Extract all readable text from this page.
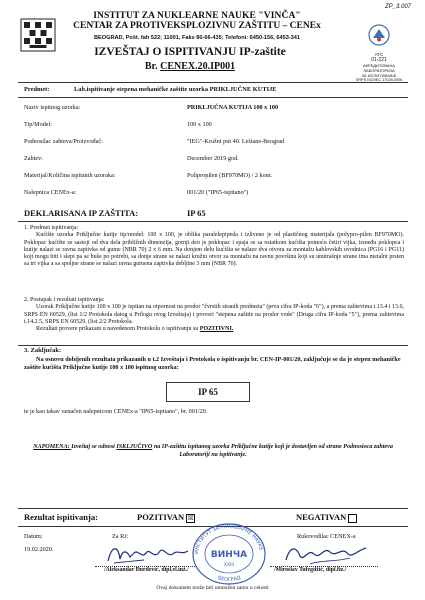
ZP_3.007
INSTITUT ZA NUKLEARNE NAUKE "VINČA"
CENTAR ZA PROTIVEKSPLOZIVNU ZAŠTITU – CENEx
BEOGRAD, Pošt. fah 522; 11001, Faks 80-66-435; Telefoni: 6450-156, 6453-341
ATC
01-221
АКРЕДИТОВАНА
ЛАБОРАТОРИЈА
ЗА ИСПИТИВАЊЕ
SRPS ISO/IEC 17025:2006
IZVEŠTAJ O ISPITIVANJU IP-zaštite
Br. CENEX.20.IP001
Predmet:	Lab.ispitivanje stepena mehaničke zaštite uzorka PRIKLJUČNE KUTIJE
Naziv ispitnog uzorka:	PRIKLJUČNA KUTIJA 100 x 100
Tip/Model:	100 x 100
Podnosilac zahteva/Proizvođač:	"IEG"-Kružni put 40. Leštane-Beograd
Zahtev:	December 2019 god.
Materijal/Količina ispitanih uzoraka:	Polipropilen (BF970MO) / 2 kom.
Nalepnica CENEx-a:	001/20 ("IP65-ispitano")
DEKLARISANA IP ZAŠTITA:	IP 65
1. Predmet ispitivanja:
Kućište uzorka Priključne kutije tip/model: 100 x 100, je oblika paralelepipeda i izliveno je od plastičnog materijala (polypro-pilen BF970MO). Poklopac kućište se sastoji od dva dela približnih dimenzija, gornji deo je poklopac i spaja se sa ostatkom kućišta pomoću četiri vijka, između poklopca i kutije nalazi se ravna zaptivka od gume (NBR 70) 2 x 6 mm. Na donjem delu kućišta se nalaze dva otvora za montažu kablovskih uvodnica (PG16 i PG11) koji mogu biti i slepi pa se buše po potrebi, sa donje strane se nalazi kružni otvor za montažu na ravnu površinu koji su unutrašnje strane ima metalni prsten sa tri vijka a sa spoljne strane se nalazi ravna gumena zaptivka debljine 3 mm (NBR 70).
2. Postupak i rezultati ispitivanja:
Uzorak Priključne kutije 100 x 100 je ispitan na otpornost na prodor "čvrstih stranih predmeta" (prva cifra IP-koda "6"), a prema zahtevima t.13.4 i 13.6, SRPS EN 60529, (list 1/2 Protokola datog u Prilogu ovog Izveštaja) i proveri "stepena zaštite na prodor vode" (Druga cifra IP-koda "5"), prema zahtevima t.14.2.5, SRPS EN 60529. (list 2/2 Protokola.
Rezultati provere prikazani u navedenom Protokolu o ispitivanju su POZITIVNI.
3. Zaključak:
Na osnovu dobijenih rezultata prikazanih u t.2 Izveštaja i Protokola o ispitivanju br. CEN-IP-001/20, zaključuje se da je stepen mehaničke zaštite kućišta Priključne kutije 100 x 100 ispitnog uzorka:
IP 65
te je kao takav označen nalepnicom CENEx-a "IP65-ispitano", br. 001/20.
NAPOMENA: Izveštaj se odnosi ISKLJUČIVO na IP-zaštitu ispitanog uzorka Priključne kutije koji je dostavljen od strane Podnosioca zahteva Laboratoriji na ispitivanje.
Rezultat ispitivanja:	POZITIVAN ☒	NEGATIVAN
Datum:
19.02.2020.
Za RJ:	Rukovodilac CENEX-a
ИНСТИТУТ ЗА НУКЛЕАРНЕ НАУКЕ
БЕОГРАД
ВИНЧА
XXIII
/Aleksandar Đurđević, dipl.el.inž./	/Miroslav Tufegdžić, dipl.fiz./
Ovaj dokument može biti umnožen samo u celosti
